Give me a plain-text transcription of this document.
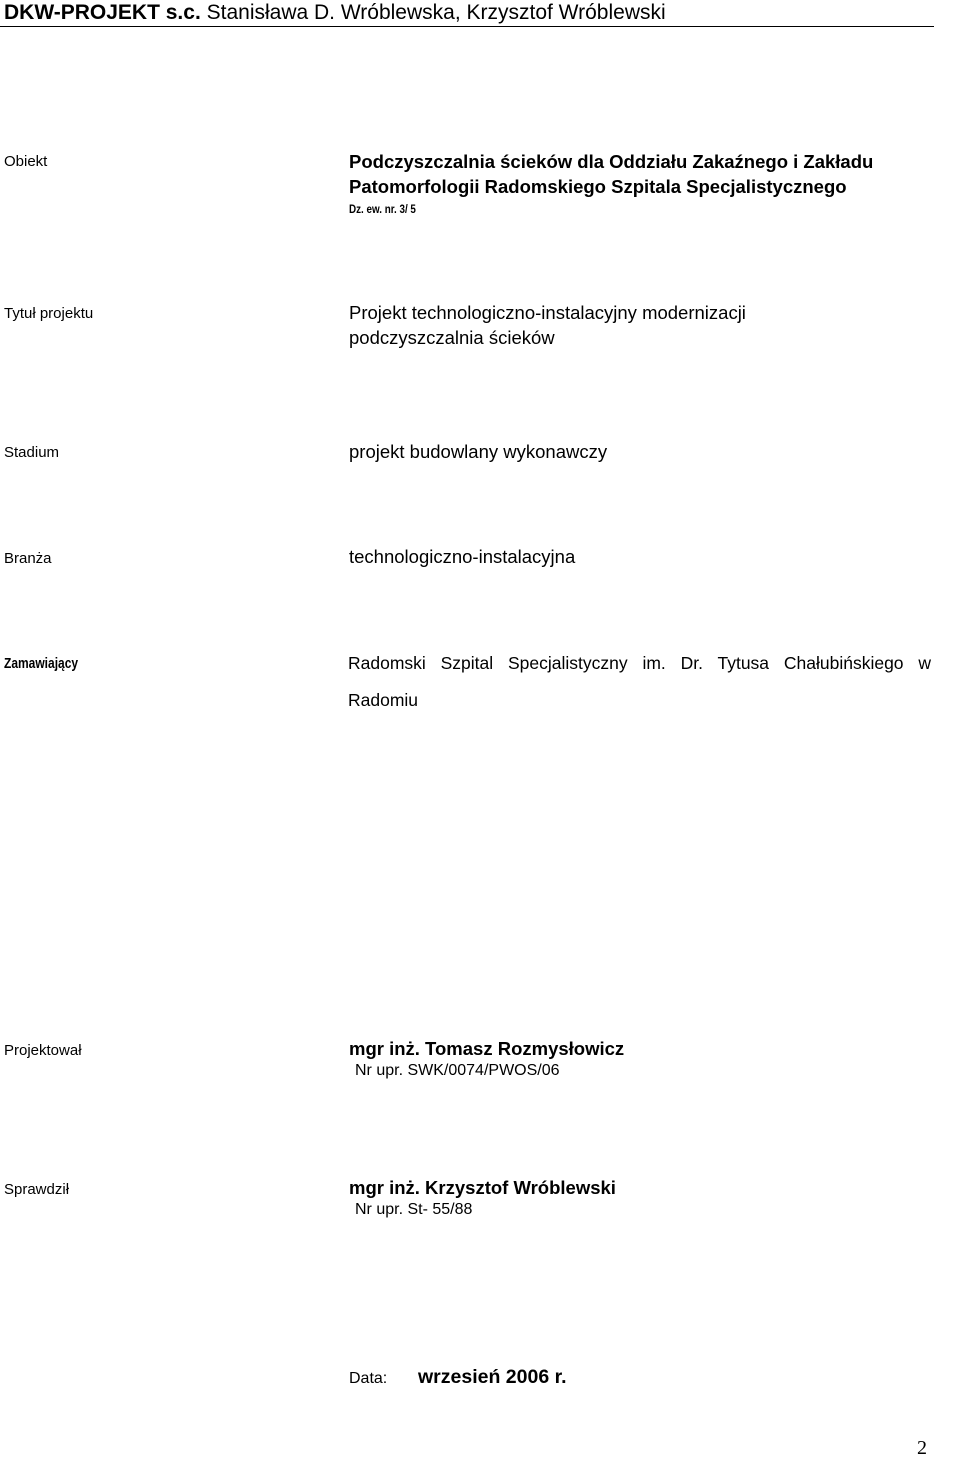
DKW-PROJEKT s.c. Stanisława D. Wróblewska, Krzysztof Wróblewski
Obiekt	Podczyszczalnia ścieków dla Oddziału Zakaźnego i Zakładu
Patomorfologii Radomskiego Szpitala Specjalistycznego
Dz. ew. nr. 3/ 5
Tytuł projektu	Projekt technologiczno-instalacyjny modernizacji
podczyszczalnia ścieków
Stadium	projekt budowlany wykonawczy
Branża	technologiczno-instalacyjna
Zamawiający	Radomski Szpital Specjalistyczny im. Dr. Tytusa Chałubińskiego w
Radomiu
Projektował	mgr inż. Tomasz Rozmysłowicz
Nr upr. SWK/0074/PWOS/06
Sprawdził	mgr inż. Krzysztof Wróblewski
Nr upr. St- 55/88
Data: wrzesień 2006 r.
2
